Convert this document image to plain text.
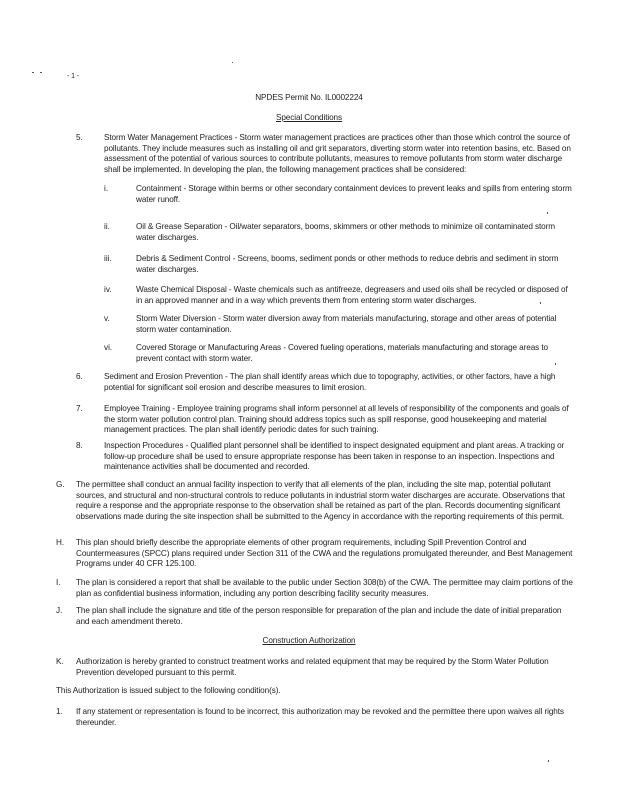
- 1 -
NPDES Permit No. IL0002224
Special Conditions
5.	Storm Water Management Practices - Storm water management practices are practices other than those which control the source of pollutants. They include measures such as installing oil and grit separators, diverting storm water into retention basins, etc. Based on assessment of the potential of various sources to contribute pollutants, measures to remove pollutants from storm water discharge shall be implemented. In developing the plan, the following management practices shall be considered:
i.	Containment - Storage within berms or other secondary containment devices to prevent leaks and spills from entering storm water runoff.
ii.	Oil & Grease Separation - Oil/water separators, booms, skimmers or other methods to minimize oil contaminated storm water discharges.
iii.	Debris & Sediment Control - Screens, booms, sediment ponds or other methods to reduce debris and sediment in storm water discharges.
iv.	Waste Chemical Disposal - Waste chemicals such as antifreeze, degreasers and used oils shall be recycled or disposed of in an approved manner and in a way which prevents them from entering storm water discharges.
v.	Storm Water Diversion - Storm water diversion away from materials manufacturing, storage and other areas of potential storm water contamination.
vi.	Covered Storage or Manufacturing Areas - Covered fueling operations, materials manufacturing and storage areas to prevent contact with storm water.
6.	Sediment and Erosion Prevention - The plan shall identify areas which due to topography, activities, or other factors, have a high potential for significant soil erosion and describe measures to limit erosion.
7.	Employee Training - Employee training programs shall inform personnel at all levels of responsibility of the components and goals of the storm water pollution control plan. Training should address topics such as spill response, good housekeeping and material management practices. The plan shall identify periodic dates for such training.
8.	Inspection Procedures - Qualified plant personnel shall be identified to inspect designated equipment and plant areas. A tracking or follow-up procedure shall be used to ensure appropriate response has been taken in response to an inspection. Inspections and maintenance activities shall be documented and recorded.
G. The permittee shall conduct an annual facility inspection to verify that all elements of the plan, including the site map, potential pollutant sources, and structural and non-structural controls to reduce pollutants in industrial storm water discharges are accurate. Observations that require a response and the appropriate response to the observation shall be retained as part of the plan. Records documenting significant observations made during the site inspection shall be submitted to the Agency in accordance with the reporting requirements of this permit.
H. This plan should briefly describe the appropriate elements of other program requirements, including Spill Prevention Control and Countermeasures (SPCC) plans required under Section 311 of the CWA and the regulations promulgated thereunder, and Best Management Programs under 40 CFR 125.100.
I. The plan is considered a report that shall be available to the public under Section 308(b) of the CWA. The permittee may claim portions of the plan as confidential business information, including any portion describing facility security measures.
J. The plan shall include the signature and title of the person responsible for preparation of the plan and include the date of initial preparation and each amendment thereto.
Construction Authorization
K. Authorization is hereby granted to construct treatment works and related equipment that may be required by the Storm Water Pollution Prevention developed pursuant to this permit.
This Authorization is issued subject to the following condition(s).
1. If any statement or representation is found to be incorrect, this authorization may be revoked and the permittee there upon waives all rights thereunder.
